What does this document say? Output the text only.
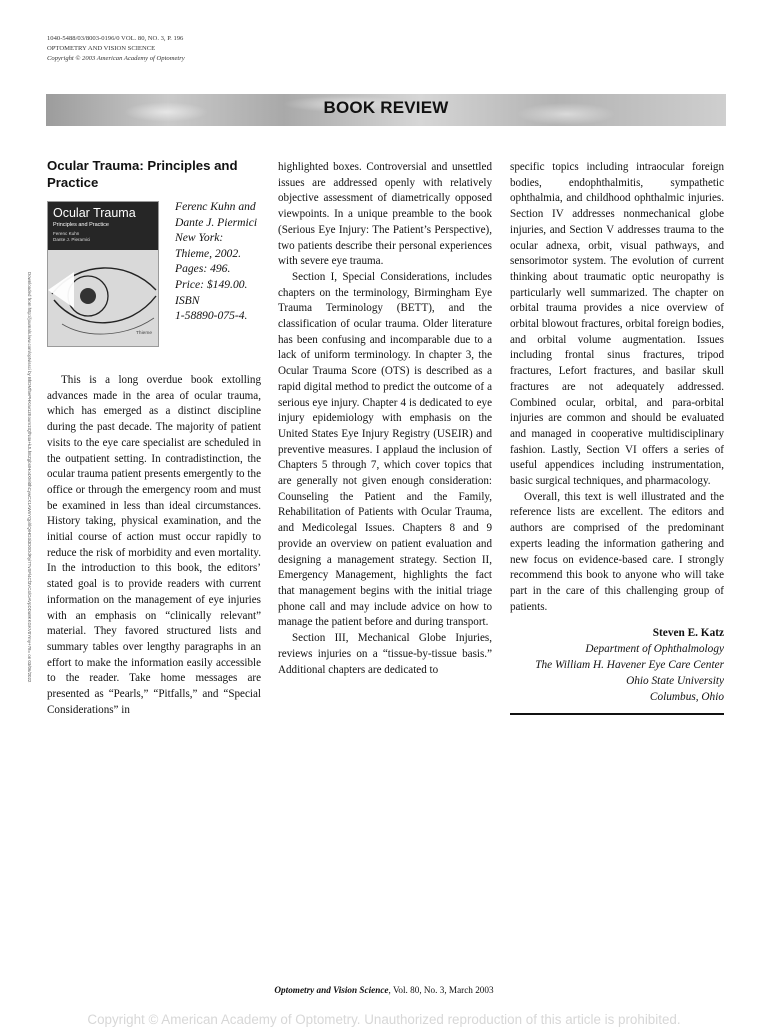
1040-5488/03/8003-0196/0 VOL. 80, NO. 3, P. 196
OPTOMETRY AND VISION SCIENCE
Copyright © 2003 American Academy of Optometry
BOOK REVIEW
Downloaded from http://journals.lww.com/optvissci by BhDMf5ePHKav1zEoum1tQfN4a+kJLhEZgbsIHo4XMi0hCywCX1AWnYQp/IlQrHD3i3D0OdRyi7TvSFl4Cf3VC4/OAVpDDa8KKGKV0Ymy+78= on 03/06/2022
Ocular Trauma: Principles and Practice
Ocular Trauma
Principles and Practice
Ferenc Kuhn
Dante J. Pieramici
Thieme
Ferenc Kuhn and
Dante J. Piermici
New York:
Thieme, 2002.
Pages: 496.
Price: $149.00.
ISBN
1-58890-075-4.

This is a long overdue book extolling advances made in the area of ocular trauma, which has emerged as a distinct discipline during the past decade. The majority of patient visits to the eye care specialist are scheduled in the outpatient setting. In contradistinction, the ocular trauma patient presents emergently to the office or through the emergency room and must be examined in less than ideal circumstances. History taking, physical examination, and the initial course of action must occur rapidly to reduce the risk of morbidity and even mortality. In the introduction to this book, the editors’ stated goal is to provide readers with current information on the management of eye injuries with an emphasis on “clinically relevant” material. They favored structured lists and summary tables over lengthy paragraphs in an effort to make the information easily accessible to the reader. Take home messages are presented as “Pearls,” “Pitfalls,” and “Special Considerations” in

highlighted boxes. Controversial and unsettled issues are addressed openly with relatively objective assessment of diametrically opposed viewpoints. In a unique preamble to the book (Serious Eye Injury: The Patient’s Perspective), two patients describe their personal experiences with severe eye trauma.

Section I, Special Considerations, includes chapters on the terminology, Birmingham Eye Trauma Terminology (BETT), and the classification of ocular trauma. Older literature has been confusing and incomparable due to a lack of uniform terminology. In chapter 3, the Ocular Trauma Score (OTS) is described as a rapid digital method to predict the outcome of a serious eye injury. Chapter 4 is dedicated to eye injury epidemiology with emphasis on the United States Eye Injury Registry (USEIR) and preventive measures. I applaud the inclusion of Chapters 5 through 7, which cover topics that are generally not given enough consideration: Counseling the Patient and the Family, Rehabilitation of Patients with Ocular Trauma, and Medicolegal Issues. Chapters 8 and 9 provide an overview on patient evaluation and designing a management strategy. Section II, Emergency Management, highlights the fact that management begins with the initial triage phone call and may include advice on how to manage the patient before and during transport.

Section III, Mechanical Globe Injuries, reviews injuries on a “tissue-by-tissue basis.” Additional chapters are dedicated to

specific topics including intraocular foreign bodies, endophthalmitis, sympathetic ophthalmia, and childhood ophthalmic injuries. Section IV addresses nonmechanical globe injuries, and Section V addresses trauma to the ocular adnexa, orbit, visual pathways, and sensorimotor system. The evolution of current thinking about traumatic optic neuropathy is particularly well summarized. The chapter on orbital trauma provides a nice overview of orbital blowout fractures, orbital foreign bodies, and orbital volume augmentation. Issues including frontal sinus fractures, tripod fractures, Lefort fractures, and basilar skull fractures are not adequately addressed. Combined ocular, orbital, and para-orbital injuries are common and should be evaluated and managed in cooperative multidisciplinary fashion. Lastly, Section VI offers a series of useful appendices including instrumentation, basic surgical techniques, and pharmacology.

Overall, this text is well illustrated and the reference lists are excellent. The editors and authors are comprised of the predominant experts leading the information gathering and new focus on evidence-based care. I strongly recommend this book to anyone who will take part in the care of this challenging group of patients.

Steven E. Katz
Department of Ophthalmology
The William H. Havener Eye Care Center
Ohio State University
Columbus, Ohio
Optometry and Vision Science, Vol. 80, No. 3, March 2003
Copyright © American Academy of Optometry. Unauthorized reproduction of this article is prohibited.
